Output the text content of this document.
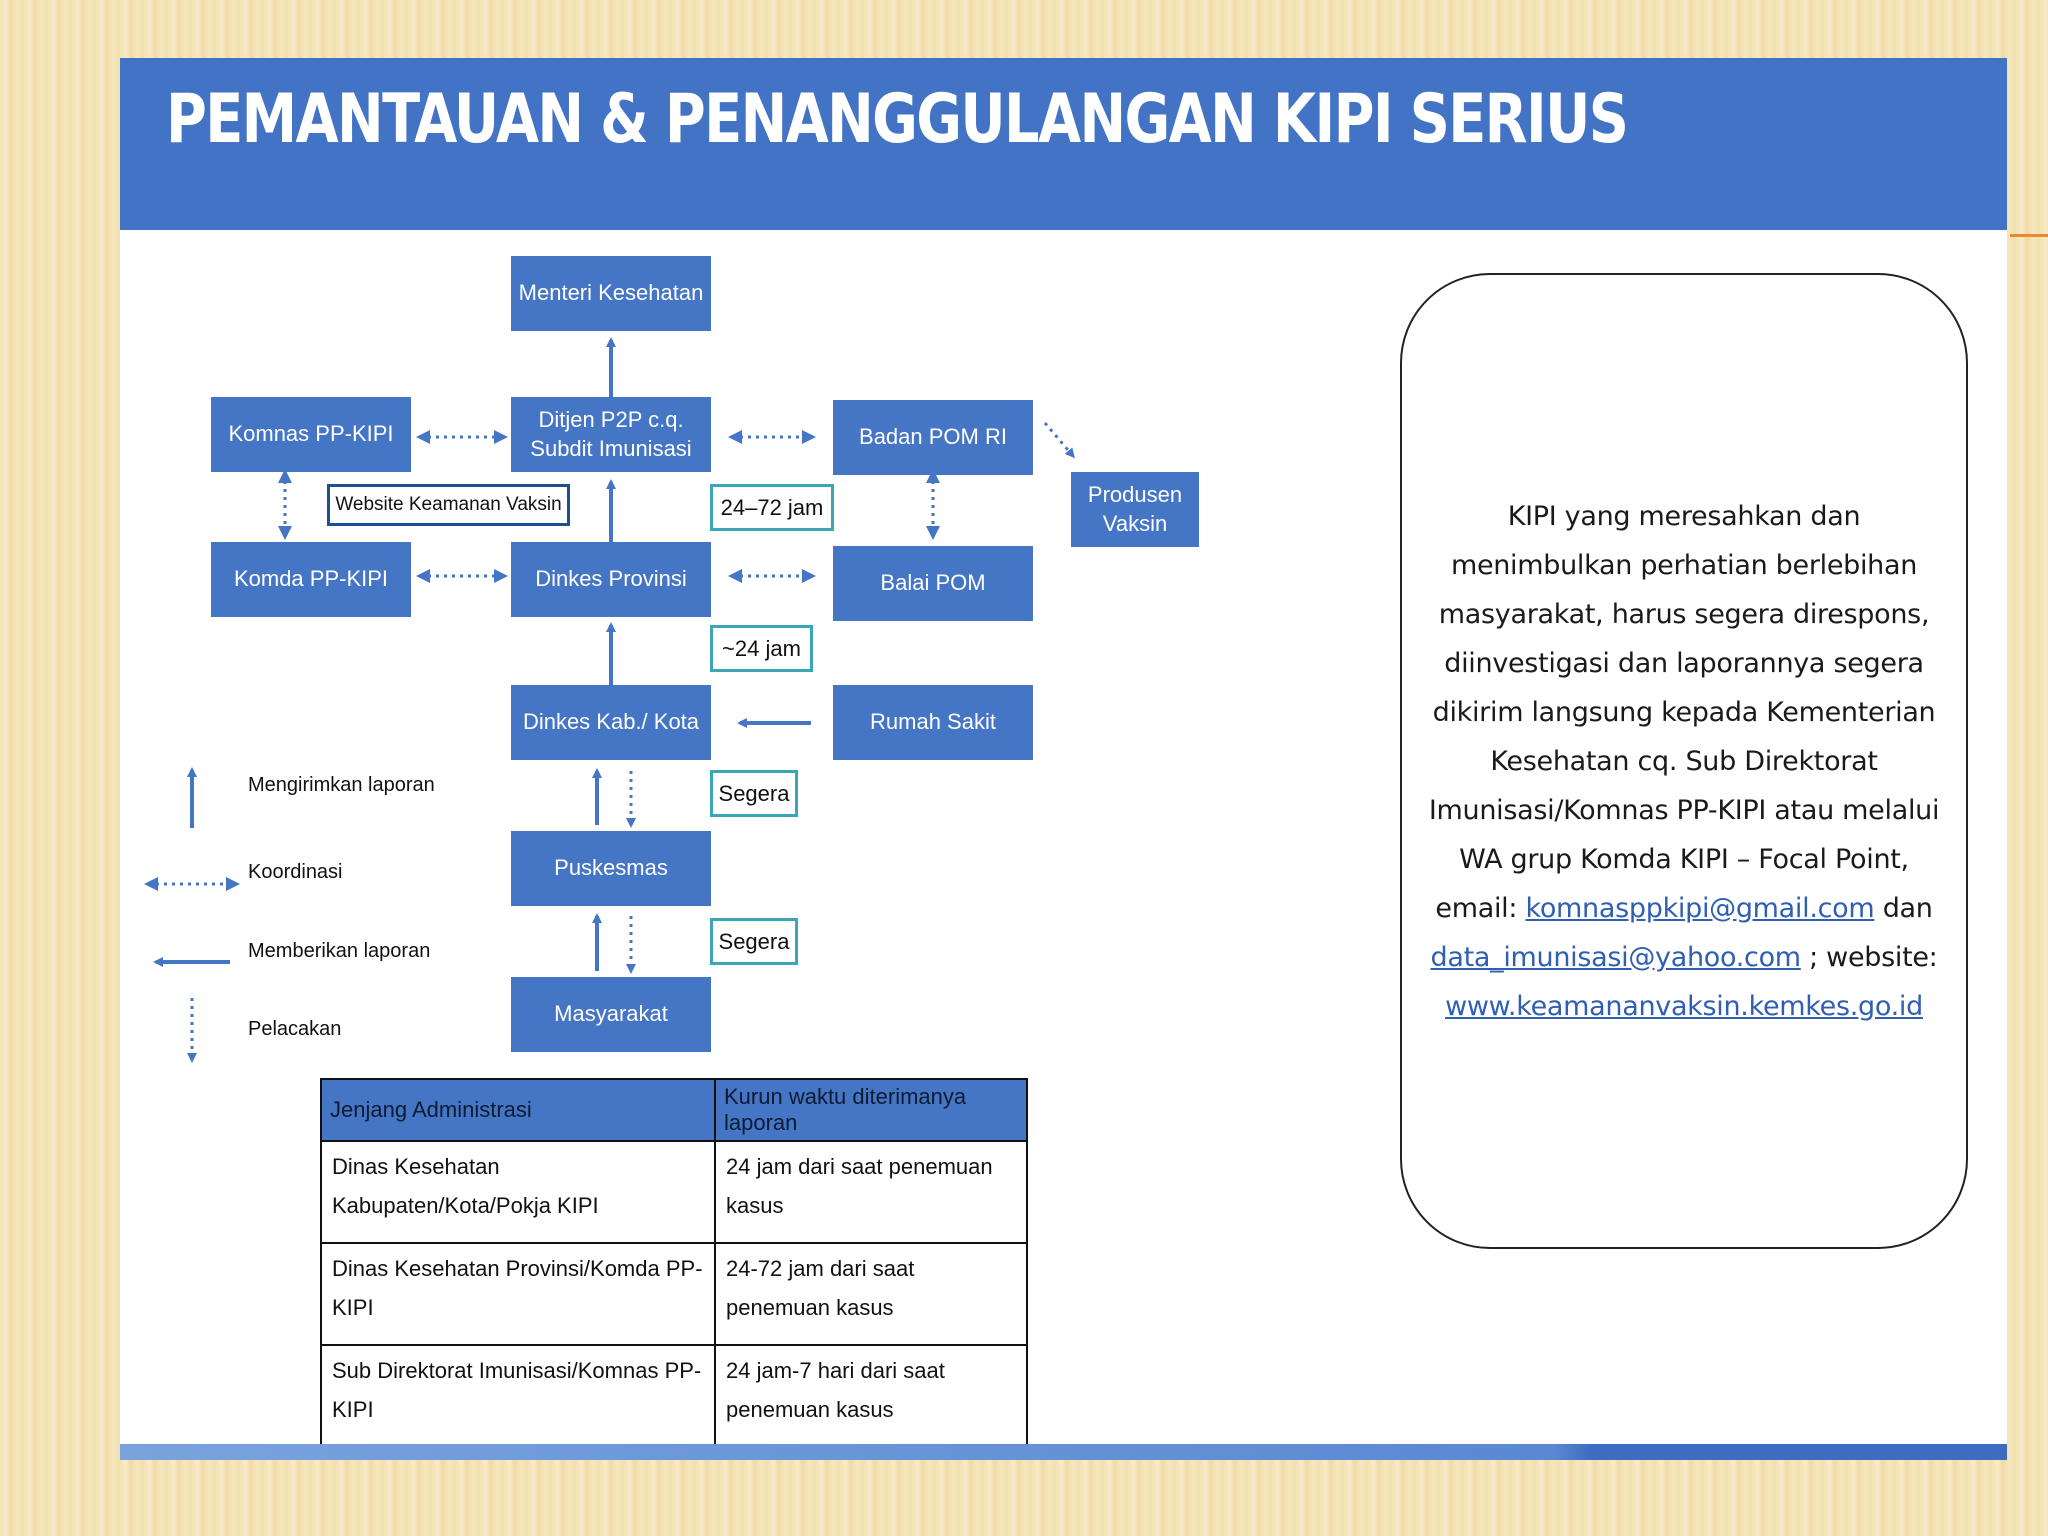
PEMANTAUAN & PENANGGULANGAN KIPI SERIUS
Menteri Kesehatan
Ditjen P2P c.q.
Subdit Imunisasi
Komnas PP-KIPI	Badan POM RI
Produsen
Vaksin
Komda PP-KIPI	Dinkes Provinsi	Balai POM
Dinkes Kab./ Kota	Rumah Sakit
Puskesmas
Masyarakat
Website Keamanan Vaksin	24–72 jam
~24 jam
Segera
Segera
Mengirimkan laporan
Koordinasi
Memberikan laporan
Pelacakan
Jenjang Administrasi	Kurun waktu diterimanya laporan
Dinas Kesehatan Kabupaten/Kota/Pokja KIPI	24 jam dari saat penemuan kasus
Dinas Kesehatan Provinsi/Komda PP-KIPI	24-72 jam dari saat penemuan kasus
Sub Direktorat Imunisasi/Komnas PP-KIPI	24 jam-7 hari dari saat penemuan kasus
KIPI yang meresahkan dan menimbulkan perhatian berlebihan masyarakat, harus segera direspons, diinvestigasi dan laporannya segera dikirim langsung kepada Kementerian Kesehatan cq. Sub Direktorat Imunisasi/Komnas PP-KIPI atau melalui WA grup Komda KIPI – Focal Point, email: komnasppkipi@gmail.com dan data_imunisasi@yahoo.com ; website: www.keamananvaksin.kemkes.go.id
